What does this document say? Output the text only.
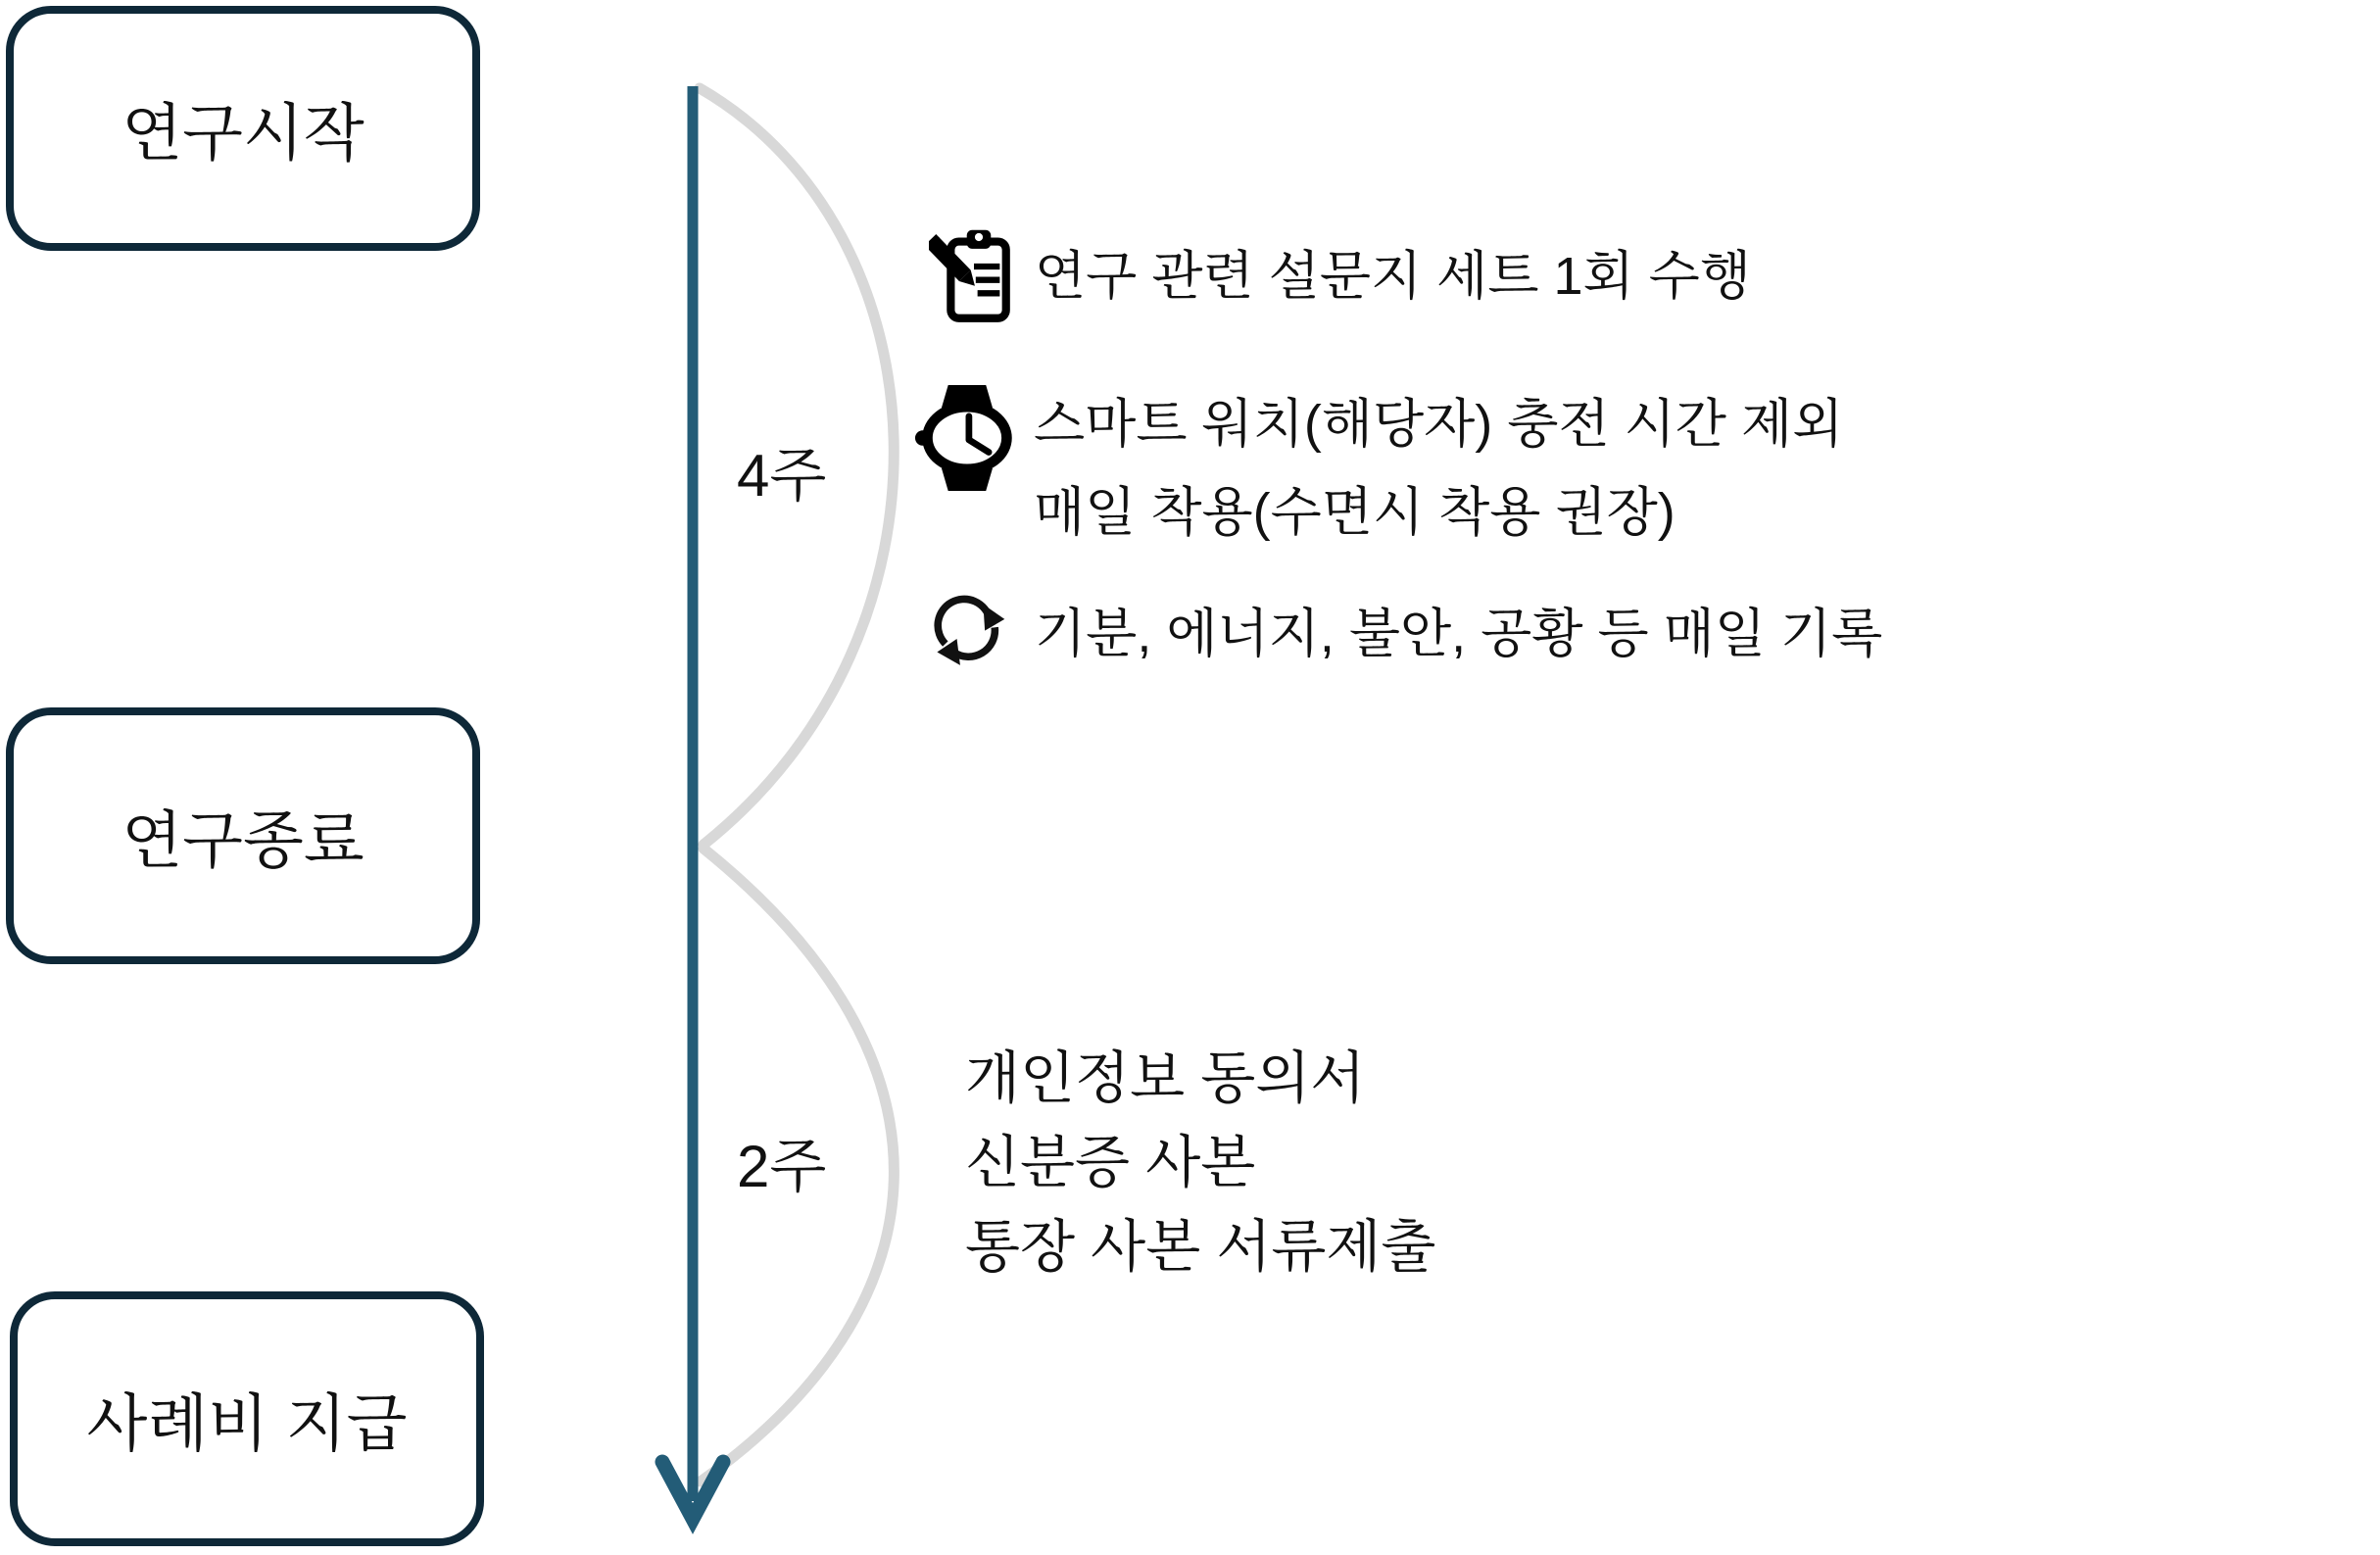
연구시작
연구종료
사례비 지급
4주
2주
연구 관련 설문지 세트 1회 수행
스마트 워치(해당자) 충전 시간 제외
매일 착용(수면시 착용 권장)
기분, 에너지, 불안, 공황 등 매일 기록
개인정보 동의서
신분증 사본
통장 사본 서류제출
